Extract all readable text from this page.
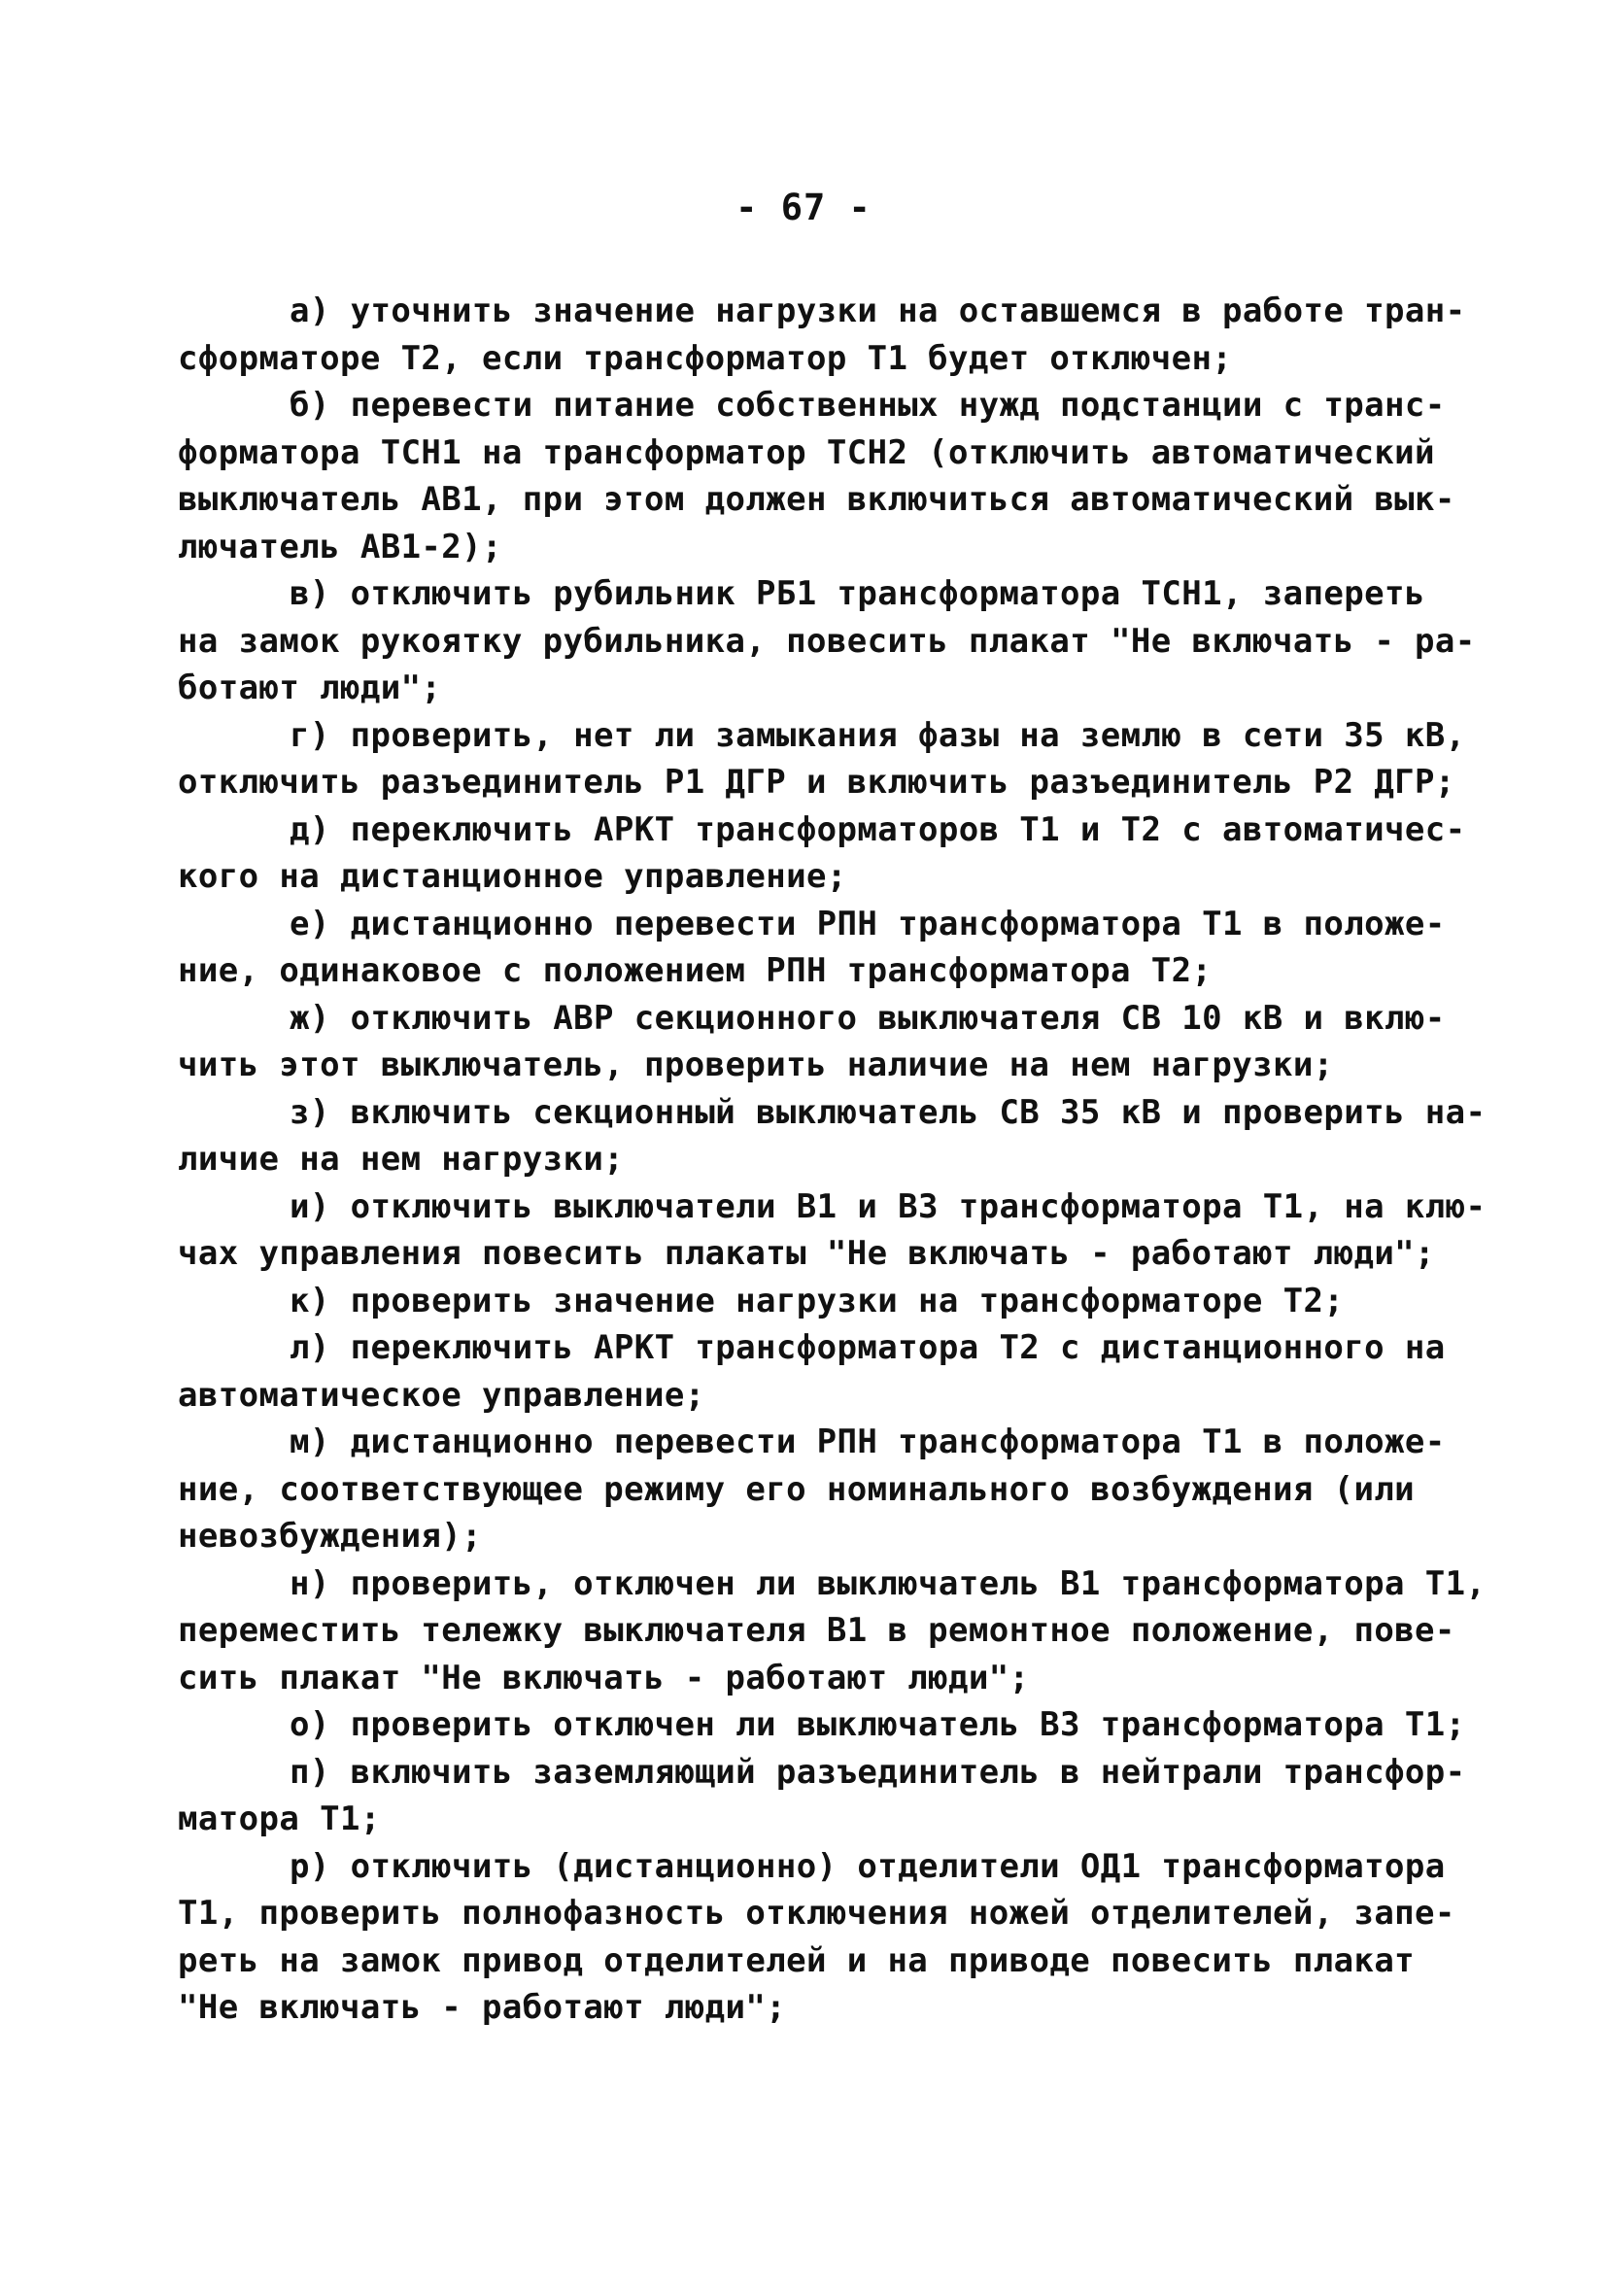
- 67 -
а) уточнить значение нагрузки на оставшемся в работе тран-
сформаторе Т2, если трансформатор Т1 будет отключен;
б) перевести питание собственных нужд подстанции с транс-
форматора ТСН1 на трансформатор ТСН2 (отключить автоматический
выключатель АВ1, при этом должен включиться автоматический вык-
лючатель АВ1-2);
в) отключить рубильник РБ1 трансформатора ТСН1, запереть
на замок рукоятку рубильника, повесить плакат "Не включать - ра-
ботают люди";
г) проверить, нет ли замыкания фазы на землю в сети 35 кВ,
отключить разъединитель Р1 ДГР и включить разъединитель Р2 ДГР;
д) переключить АРКТ трансформаторов Т1 и Т2 с автоматичес-
кого на дистанционное управление;
е) дистанционно перевести РПН трансформатора Т1 в положе-
ние, одинаковое с положением РПН трансформатора Т2;
ж) отключить АВР секционного выключателя СВ 10 кВ и вклю-
чить этот выключатель, проверить наличие на нем нагрузки;
з) включить секционный выключатель СВ 35 кВ и проверить на-
личие на нем нагрузки;
и) отключить выключатели В1 и В3 трансформатора Т1, на клю-
чах управления повесить плакаты "Не включать - работают люди";
к) проверить значение нагрузки на трансформаторе Т2;
л) переключить АРКТ трансформатора Т2 с дистанционного на
автоматическое управление;
м) дистанционно перевести РПН трансформатора Т1 в положе-
ние, соответствующее режиму его номинального возбуждения (или
невозбуждения);
н) проверить, отключен ли выключатель В1 трансформатора Т1,
переместить тележку выключателя В1 в ремонтное положение, пове-
сить плакат "Не включать - работают люди";
о) проверить отключен ли выключатель В3 трансформатора Т1;
п) включить заземляющий разъединитель в нейтрали трансфор-
матора Т1;
р) отключить (дистанционно) отделители ОД1 трансформатора
Т1, проверить полнофазность отключения ножей отделителей, запе-
реть на замок привод отделителей и на приводе повесить плакат
"Не включать - работают люди";
